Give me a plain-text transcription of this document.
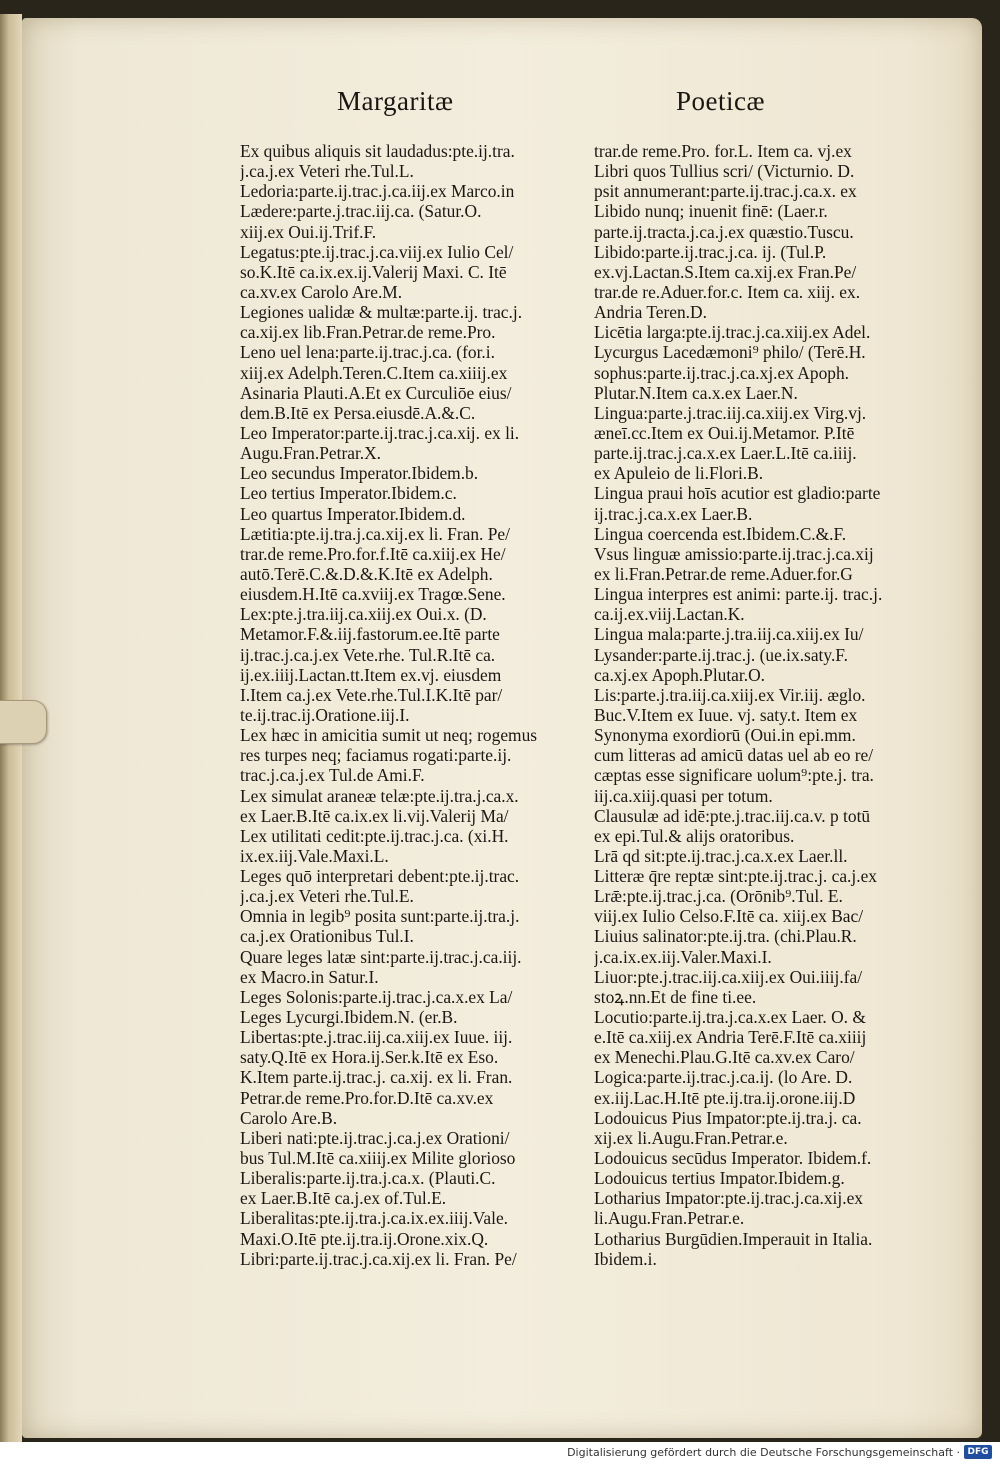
Margaritæ	Poeticæ
Ex quibus aliquis sit laudadus:pte.ij.tra.
j.ca.j.ex Veteri rhe.Tul.L.
Ledoria:parte.ij.trac.j.ca.iij.ex Marco.in
Lædere:parte.j.trac.iij.ca. (Satur.O.
xiij.ex Oui.ij.Trif.F.
Legatus:pte.ij.trac.j.ca.viij.ex Iulio Cel/
so.K.Itē ca.ix.ex.ij.Valerij Maxi. C. Itē
ca.xv.ex Carolo Are.M.
Legiones ualidæ & multæ:parte.ij. trac.j.
ca.xij.ex lib.Fran.Petrar.de reme.Pro.
Leno uel lena:parte.ij.trac.j.ca. (for.i.
xiij.ex Adelph.Teren.C.Item ca.xiiij.ex
Asinaria Plauti.A.Et ex Curculiōe eius/
dem.B.Itē ex Persa.eiusdē.A.&.C.
Leo Imperator:parte.ij.trac.j.ca.xij. ex li.
Augu.Fran.Petrar.X.
Leo secundus Imperator.Ibidem.b.
Leo tertius Imperator.Ibidem.c.
Leo quartus Imperator.Ibidem.d.
Lætitia:pte.ij.tra.j.ca.xij.ex li. Fran. Pe/
trar.de reme.Pro.for.f.Itē ca.xiij.ex He/
autō.Terē.C.&.D.&.K.Itē ex Adelph.
eiusdem.H.Itē ca.xviij.ex Tragœ.Sene.
Lex:pte.j.tra.iij.ca.xiij.ex Oui.x. (D.
Metamor.F.&.iij.fastorum.ee.Itē parte
ij.trac.j.ca.j.ex Vete.rhe. Tul.R.Itē ca.
ij.ex.iiij.Lactan.tt.Item ex.vj. eiusdem
I.Item ca.j.ex Vete.rhe.Tul.I.K.Itē par/
te.ij.trac.ij.Oratione.iij.I.
Lex hæc in amicitia sumit ut neq; rogemus
res turpes neq; faciamus rogati:parte.ij.
trac.j.ca.j.ex Tul.de Ami.F.
Lex simulat araneæ telæ:pte.ij.tra.j.ca.x.
ex Laer.B.Itē ca.ix.ex li.vij.Valerij Ma/
Lex utilitati cedit:pte.ij.trac.j.ca. (xi.H.
ix.ex.iij.Vale.Maxi.L.
Leges quō interpretari debent:pte.ij.trac.
j.ca.j.ex Veteri rhe.Tul.E.
Omnia in legib⁹ posita sunt:parte.ij.tra.j.
ca.j.ex Orationibus Tul.I.
Quare leges latæ sint:parte.ij.trac.j.ca.iij.
ex Macro.in Satur.I.
Leges Solonis:parte.ij.trac.j.ca.x.ex La/
Leges Lycurgi.Ibidem.N. (er.B.
Libertas:pte.j.trac.iij.ca.xiij.ex Iuue. iij.
saty.Q.Itē ex Hora.ij.Ser.k.Itē ex Eso.
K.Item parte.ij.trac.j. ca.xij. ex li. Fran.
Petrar.de reme.Pro.for.D.Itē ca.xv.ex
Carolo Are.B.
Liberi nati:pte.ij.trac.j.ca.j.ex Orationi/
bus Tul.M.Itē ca.xiiij.ex Milite glorioso
Liberalis:parte.ij.tra.j.ca.x. (Plauti.C.
ex Laer.B.Itē ca.j.ex of.Tul.E.
Liberalitas:pte.ij.tra.j.ca.ix.ex.iiij.Vale.
Maxi.O.Itē pte.ij.tra.ij.Orone.xix.Q.
Libri:parte.ij.trac.j.ca.xij.ex li. Fran. Pe/
trar.de reme.Pro. for.L. Item ca. vj.ex
Libri quos Tullius scri/ (Victurnio. D.
psit annumerant:parte.ij.trac.j.ca.x. ex
Libido nunq; inuenit finē: (Laer.r.
parte.ij.tracta.j.ca.j.ex quæstio.Tuscu.
Libido:parte.ij.trac.j.ca. ij. (Tul.P.
ex.vj.Lactan.S.Item ca.xij.ex Fran.Pe/
trar.de re.Aduer.for.c. Item ca. xiij. ex.
Andria Teren.D.
Licētia larga:pte.ij.trac.j.ca.xiij.ex Adel.
Lycurgus Lacedæmoni⁹ philo/ (Terē.H.
sophus:parte.ij.trac.j.ca.xj.ex Apoph.
Plutar.N.Item ca.x.ex Laer.N.
Lingua:parte.j.trac.iij.ca.xiij.ex Virg.vj.
æneī.cc.Item ex Oui.ij.Metamor. P.Itē
parte.ij.trac.j.ca.x.ex Laer.L.Itē ca.iiij.
ex Apuleio de li.Flori.B.
Lingua praui hoīs acutior est gladio:parte
ij.trac.j.ca.x.ex Laer.B.
Lingua coercenda est.Ibidem.C.&.F.
Vsus linguæ amissio:parte.ij.trac.j.ca.xij
ex li.Fran.Petrar.de reme.Aduer.for.G
Lingua interpres est animi: parte.ij. trac.j.
ca.ij.ex.viij.Lactan.K.
Lingua mala:parte.j.tra.iij.ca.xiij.ex Iu/
Lysander:parte.ij.trac.j. (ue.ix.saty.F.
ca.xj.ex Apoph.Plutar.O.
Lis:parte.j.tra.iij.ca.xiij.ex Vir.iij. æglo.
Buc.V.Item ex Iuue. vj. saty.t. Item ex
Synonyma exordiorū (Oui.in epi.mm.
cum litteras ad amicū datas uel ab eo re/
cæptas esse significare uolum⁹:pte.j. tra.
iij.ca.xiij.quasi per totum.
Clausulæ ad idē:pte.j.trac.iij.ca.v. p totū
ex epi.Tul.& alijs oratoribus.
Lrā qd sit:pte.ij.trac.j.ca.x.ex Laer.ll.
Litteræ q̄re reptæ sint:pte.ij.trac.j. ca.j.ex
Lrǣ:pte.ij.trac.j.ca. (Orōnib⁹.Tul. E.
viij.ex Iulio Celso.F.Itē ca. xiij.ex Bac/
Liuius salinator:pte.ij.tra. (chi.Plau.R.
j.ca.ix.ex.iij.Valer.Maxi.I.
Liuor:pte.j.trac.iij.ca.xiij.ex Oui.iiij.fa/
stoꝝ.nn.Et de fine ti.ee.
Locutio:parte.ij.tra.j.ca.x.ex Laer. O. &
e.Itē ca.xiij.ex Andria Terē.F.Itē ca.xiiij
ex Menechi.Plau.G.Itē ca.xv.ex Caro/
Logica:parte.ij.trac.j.ca.ij. (lo Are. D.
ex.iij.Lac.H.Itē pte.ij.tra.ij.orone.iij.D
Lodouicus Pius Impator:pte.ij.tra.j. ca.
xij.ex li.Augu.Fran.Petrar.e.
Lodouicus secūdus Imperator. Ibidem.f.
Lodouicus tertius Impator.Ibidem.g.
Lotharius Impator:pte.ij.trac.j.ca.xij.ex
li.Augu.Fran.Petrar.e.
Lotharius Burgūdien.Imperauit in Italia.
Ibidem.i.
Digitalisierung gefördert durch die Deutsche Forschungsgemeinschaft · DFG
